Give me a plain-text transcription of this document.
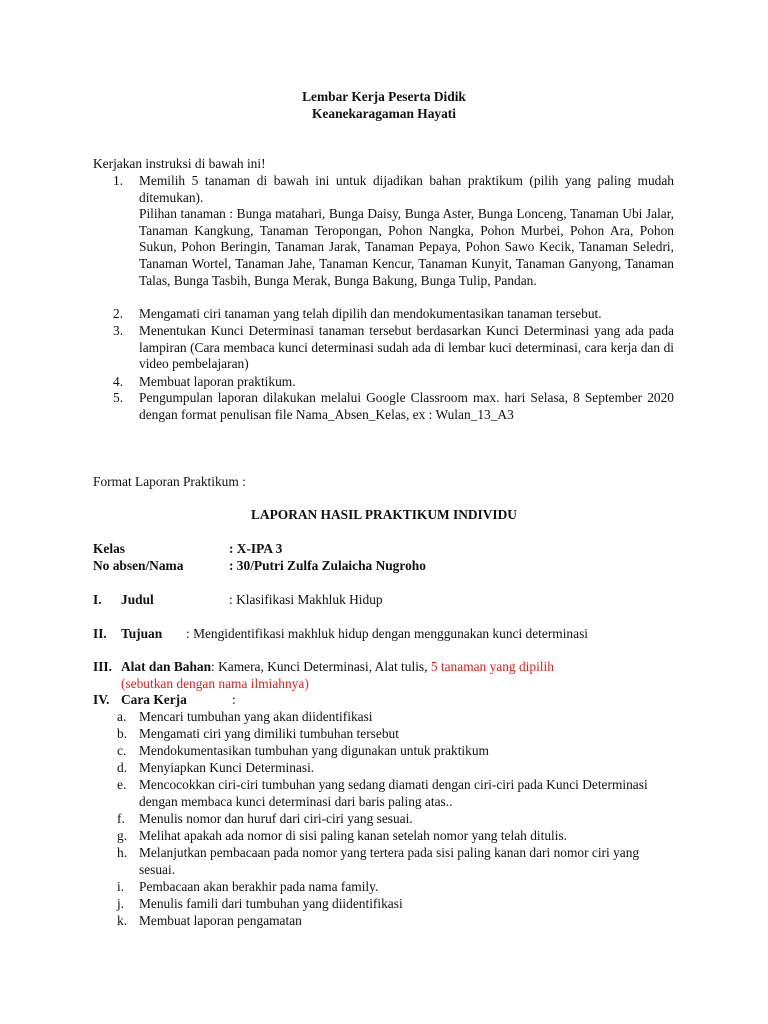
Lembar Kerja Peserta Didik
Keanekaragaman Hayati
Kerjakan instruksi di bawah ini!
1. Memilih 5 tanaman di bawah ini untuk dijadikan bahan praktikum (pilih yang paling mudah ditemukan).
Pilihan tanaman : Bunga matahari, Bunga Daisy, Bunga Aster, Bunga Lonceng, Tanaman Ubi Jalar, Tanaman Kangkung, Tanaman Teropongan, Pohon Nangka, Pohon Murbei, Pohon Ara, Pohon Sukun, Pohon Beringin, Tanaman Jarak, Tanaman Pepaya, Pohon Sawo Kecik, Tanaman Seledri, Tanaman Wortel, Tanaman Jahe, Tanaman Kencur, Tanaman Kunyit, Tanaman Ganyong, Tanaman Talas, Bunga Tasbih, Bunga Merak, Bunga Bakung, Bunga Tulip, Pandan.
2. Mengamati ciri tanaman yang telah dipilih dan mendokumentasikan tanaman tersebut.
3. Menentukan Kunci Determinasi tanaman tersebut berdasarkan Kunci Determinasi yang ada pada lampiran (Cara membaca kunci determinasi sudah ada di lembar kuci determinasi, cara kerja dan di video pembelajaran)
4. Membuat laporan praktikum.
5. Pengumpulan laporan dilakukan melalui Google Classroom max. hari Selasa, 8 September 2020 dengan format penulisan file Nama_Absen_Kelas, ex : Wulan_13_A3
Format Laporan Praktikum :
LAPORAN HASIL PRAKTIKUM INDIVIDU
Kelas	: X-IPA 3
No absen/Nama	: 30/Putri Zulfa Zulaicha Nugroho
I. Judul	: Klasifikasi Makhluk Hidup
II. Tujuan : Mengidentifikasi makhluk hidup dengan menggunakan kunci determinasi
III. Alat dan Bahan: Kamera, Kunci Determinasi, Alat tulis, 5 tanaman yang dipilih
(sebutkan dengan nama ilmiahnya)
IV. Cara Kerja	:
a. Mencari tumbuhan yang akan diidentifikasi
b. Mengamati ciri yang dimiliki tumbuhan tersebut
c. Mendokumentasikan tumbuhan yang digunakan untuk praktikum
d. Menyiapkan Kunci Determinasi.
e. Mencocokkan ciri-ciri tumbuhan yang sedang diamati dengan ciri-ciri pada Kunci Determinasi dengan membaca kunci determinasi dari baris paling atas..
f. Menulis nomor dan huruf dari ciri-ciri yang sesuai.
g. Melihat apakah ada nomor di sisi paling kanan setelah nomor yang telah ditulis.
h. Melanjutkan pembacaan pada nomor yang tertera pada sisi paling kanan dari nomor ciri yang sesuai.
i. Pembacaan akan berakhir pada nama family.
j. Menulis famili dari tumbuhan yang diidentifikasi
k. Membuat laporan pengamatan
